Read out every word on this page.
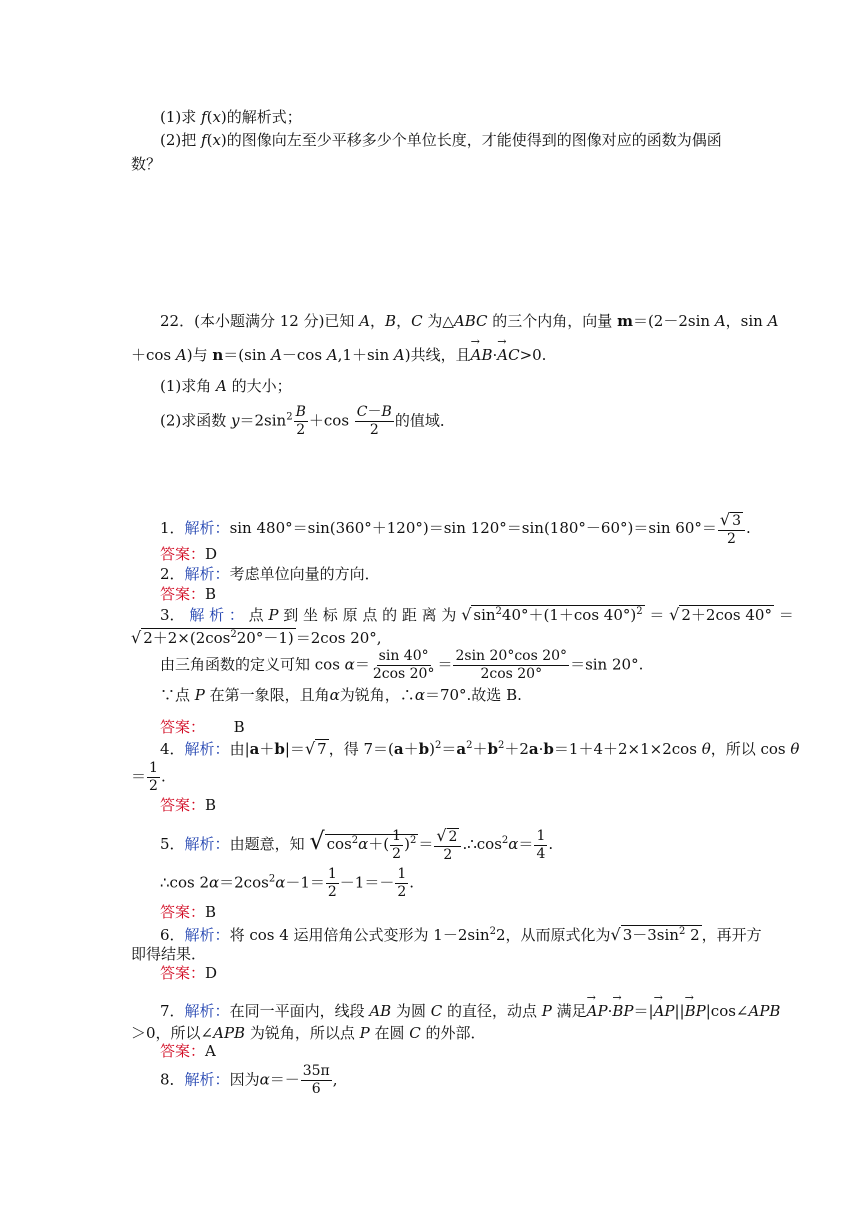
(1)求 f(x)的解析式；
(2)把 f(x)的图像向左至少平移多少个单位长度，才能使得到的图像对应的函数为偶函
数？
22．(本小题满分 12 分)已知 A，B，C 为△ABC 的三个内角，向量 m＝(2－2sin A，sin A
＋cos A)与 n＝(sin A－cos A,1＋sin A)共线，且→ AB·→ AC>0.
(1)求角 A 的大小；
(2)求函数 $y=2\sin^2 \frac{B}{2} +\cos \frac{C-B}{2}$ 的值域．
1．解析：sin 480°＝sin(360°＋120°)＝sin 120°＝sin(180°－60°)＝sin $60^\circ= \frac{√ 3}{2}$ .
答案：D
2．解析：考虑单位向量的方向．
答案：B
3． 解 析 ： 点 P 到 坐 标 原 点 的 距 离 为 √ $\sin^240^\circ+(1+\cos$ 40°)$^2$ ＝ √ 2＋2cos 40° ＝
√ $2+2\times(2\cos^220^\circ-1) =2\cos$ 20°,
由三角函数的定义可知 $\cos \alpha= \frac{\sin 40^\circ}{2\cos 20^\circ} = \frac{2\sin 20^\circ\cos 20^\circ}{2\cos 20^\circ} =\sin$ 20°.
∵点 P 在第一象限，且角α为锐角，∴α＝70°.故选 B.
答案：      B
4．解析：由|a＋b|＝√ 7 ，得 $7=(a+b)^2=a^2+b^2+2a\cdot b=1+4+2\times 1\times 2\cos$ θ，所以 cos θ
＝ $\frac{1}{2}$ .
答案：B
5．解析：由题意，知 √ $\cos^2\alpha+( \frac{1}{2} )^2 = \frac{√ 2}{2}$ $.\therefore\cos^2\alpha= \frac{1}{4}$ .
∴cos $2\alpha=2\cos^2\alpha-1= \frac{1}{2} -1=- \frac{1}{2}$ .
答案：B
6．解析：将 cos 4 运用倍角公式变形为 $1-2\sin^22$，从而原式化为√ $3-3\sin^2$ 2 ，再开方
即得结果．
答案：D
7．解析：在同一平面内，线段 AB 为圆 C 的直径，动点 P 满足→ AP·→ BP＝|→ AP||→ BP|cos∠APB
＞0，所以∠APB 为锐角，所以点 P 在圆 C 的外部．
答案：A
8．解析：因为$\alpha=- \frac{35\pi}{6}$ ,
